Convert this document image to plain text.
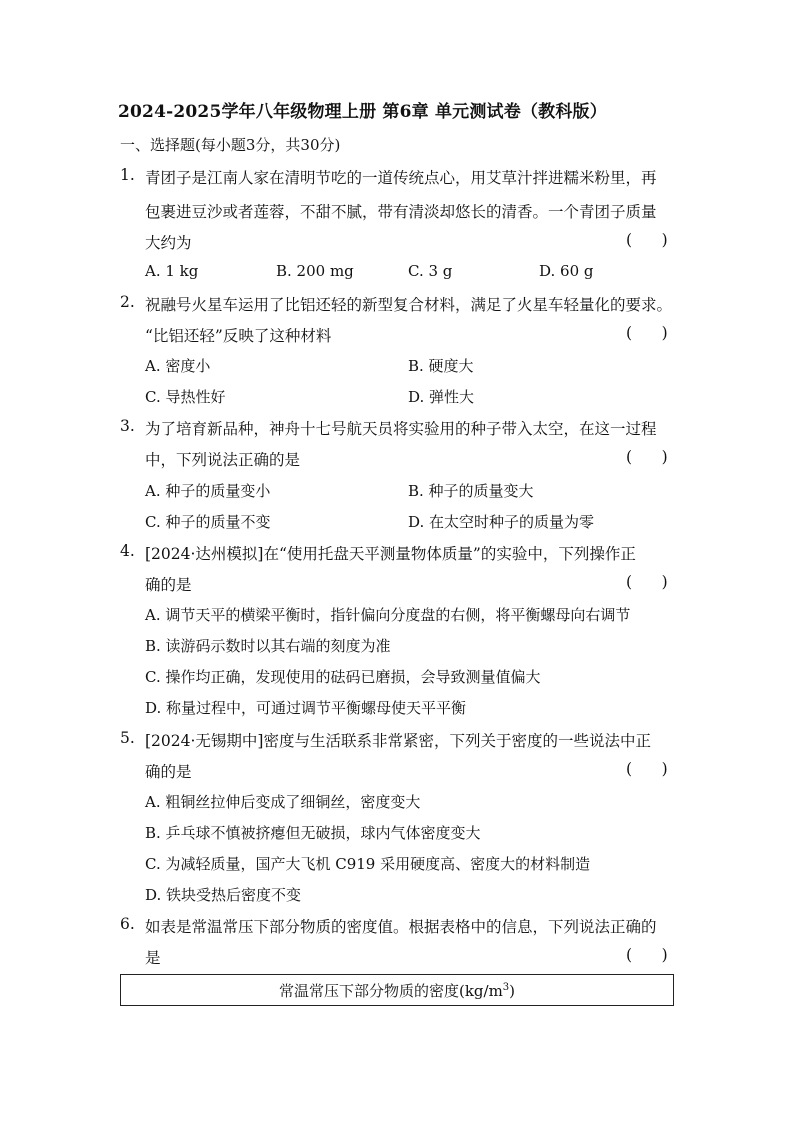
2024-2025学年八年级物理上册 第6章 单元测试卷（教科版）
一、选择题(每小题3分，共30分)
1. 青团子是江南人家在清明节吃的一道传统点心，用艾草汁拌进糯米粉里，再
包裹进豆沙或者莲蓉，不甜不腻，带有清淡却悠长的清香。一个青团子质量
大约为	(      )
A. 1 kg	B. 200 mg	C. 3 g	D. 60 g
2. 祝融号火星车运用了比铝还轻的新型复合材料，满足了火星车轻量化的要求。
“比铝还轻”反映了这种材料	(      )
A. 密度小	B. 硬度大
C. 导热性好	D. 弹性大
3. 为了培育新品种，神舟十七号航天员将实验用的种子带入太空，在这一过程
中，下列说法正确的是	(      )
A. 种子的质量变小	B. 种子的质量变大
C. 种子的质量不变	D. 在太空时种子的质量为零
4. [2024·达州模拟]在“使用托盘天平测量物体质量”的实验中，下列操作正
确的是	(      )
A. 调节天平的横梁平衡时，指针偏向分度盘的右侧，将平衡螺母向右调节
B. 读游码示数时以其右端的刻度为准
C. 操作均正确，发现使用的砝码已磨损，会导致测量值偏大
D. 称量过程中，可通过调节平衡螺母使天平平衡
5. [2024·无锡期中]密度与生活联系非常紧密，下列关于密度的一些说法中正
确的是	(      )
A. 粗铜丝拉伸后变成了细铜丝，密度变大
B. 乒乓球不慎被挤瘪但无破损，球内气体密度变大
C. 为减轻质量，国产大飞机 C919 采用硬度高、密度大的材料制造
D. 铁块受热后密度不变
6. 如表是常温常压下部分物质的密度值。根据表格中的信息，下列说法正确的
是	(      )
常温常压下部分物质的密度$(kg/m^3)$
